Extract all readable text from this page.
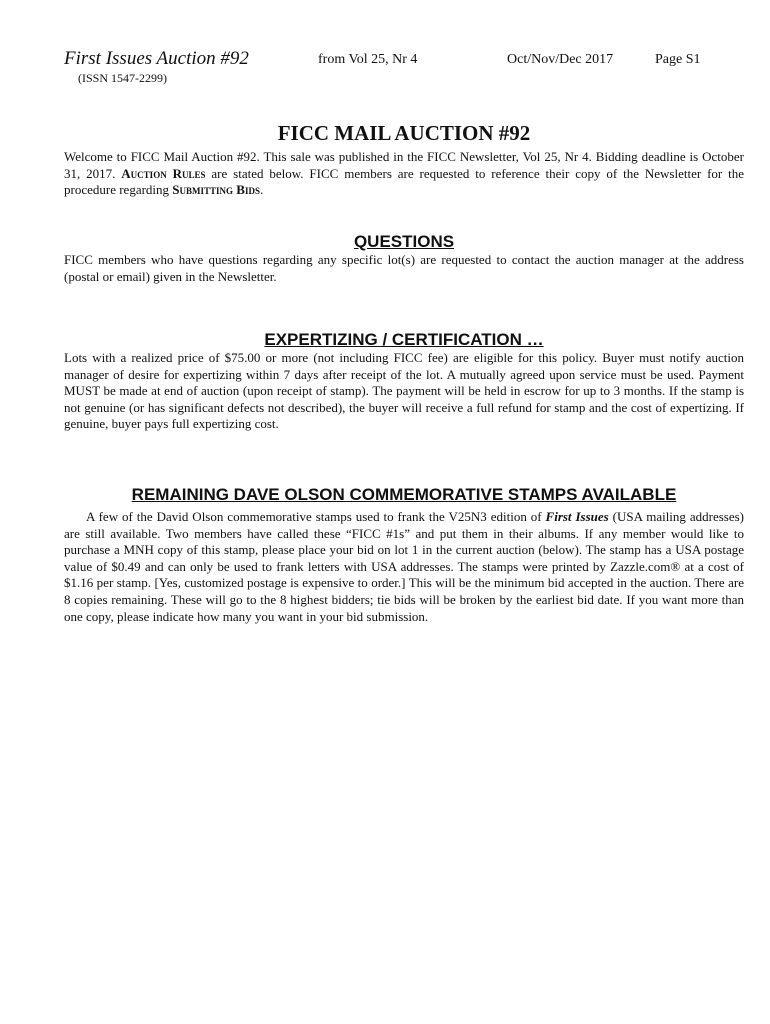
First Issues Auction #92	from Vol 25, Nr 4	Oct/Nov/Dec 2017	Page S1
(ISSN 1547-2299)
FICC MAIL AUCTION #92

Welcome to FICC Mail Auction #92. This sale was published in the FICC Newsletter, Vol 25, Nr 4. Bidding deadline is October 31, 2017. Auction Rules are stated below. FICC members are requested to reference their copy of the Newsletter for the procedure regarding Submitting Bids.

QUESTIONS

FICC members who have questions regarding any specific lot(s) are requested to contact the auction manager at the address (postal or email) given in the Newsletter.

EXPERTIZING / CERTIFICATION …

Lots with a realized price of $75.00 or more (not including FICC fee) are eligible for this policy. Buyer must notify auction manager of desire for expertizing within 7 days after receipt of the lot. A mutually agreed upon service must be used. Payment MUST be made at end of auction (upon receipt of stamp). The payment will be held in escrow for up to 3 months. If the stamp is not genuine (or has significant defects not described), the buyer will receive a full refund for stamp and the cost of expertizing. If genuine, buyer pays full expertizing cost.

REMAINING DAVE OLSON COMMEMORATIVE STAMPS AVAILABLE

A few of the David Olson commemorative stamps used to frank the V25N3 edition of First Issues (USA mailing addresses) are still available. Two members have called these “FICC #1s” and put them in their albums. If any member would like to purchase a MNH copy of this stamp, please place your bid on lot 1 in the current auction (below). The stamp has a USA postage value of $0.49 and can only be used to frank letters with USA addresses. The stamps were printed by Zazzle.com® at a cost of $1.16 per stamp. [Yes, customized postage is expensive to order.] This will be the minimum bid accepted in the auction. There are 8 copies remaining. These will go to the 8 highest bidders; tie bids will be broken by the earliest bid date. If you want more than one copy, please indicate how many you want in your bid submission.
